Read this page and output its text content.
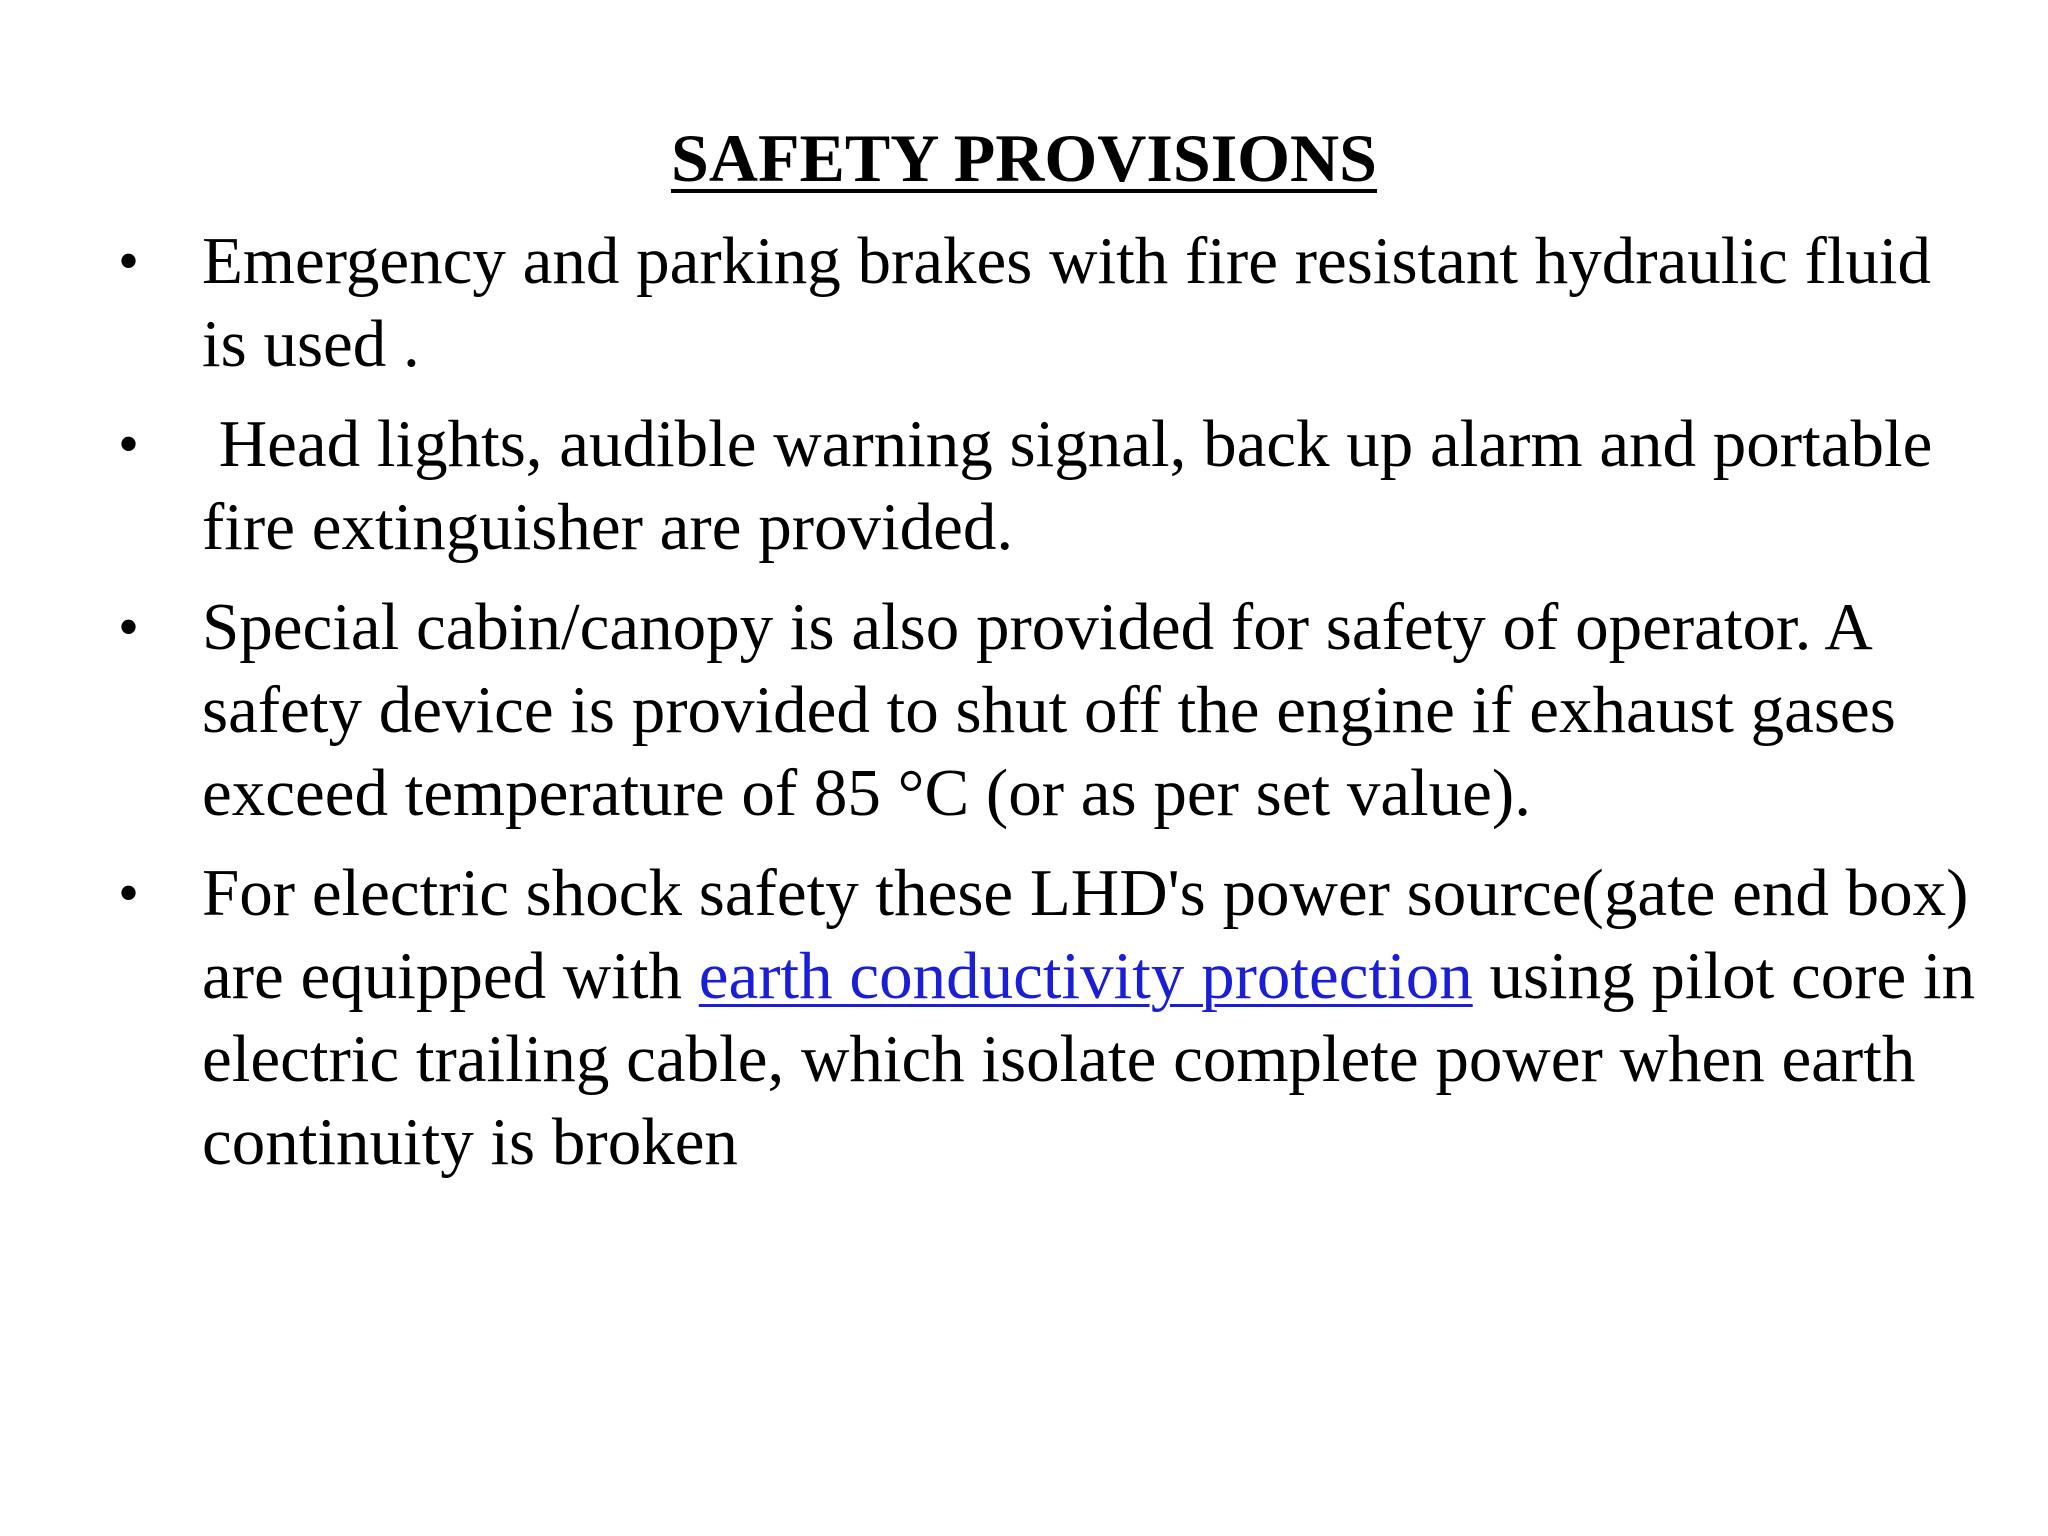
SAFETY PROVISIONS
• Emergency and parking brakes with fire resistant hydraulic fluid is used .
• Head lights, audible warning signal, back up alarm and portable fire extinguisher are provided.
• Special cabin/canopy is also provided for safety of operator. A safety device is provided to shut off the engine if exhaust gases exceed temperature of 85 °C (or as per set value).
• For electric shock safety these LHD's power source(gate end box) are equipped with earth conductivity protection using pilot core in electric trailing cable, which isolate complete power when earth continuity is broken
